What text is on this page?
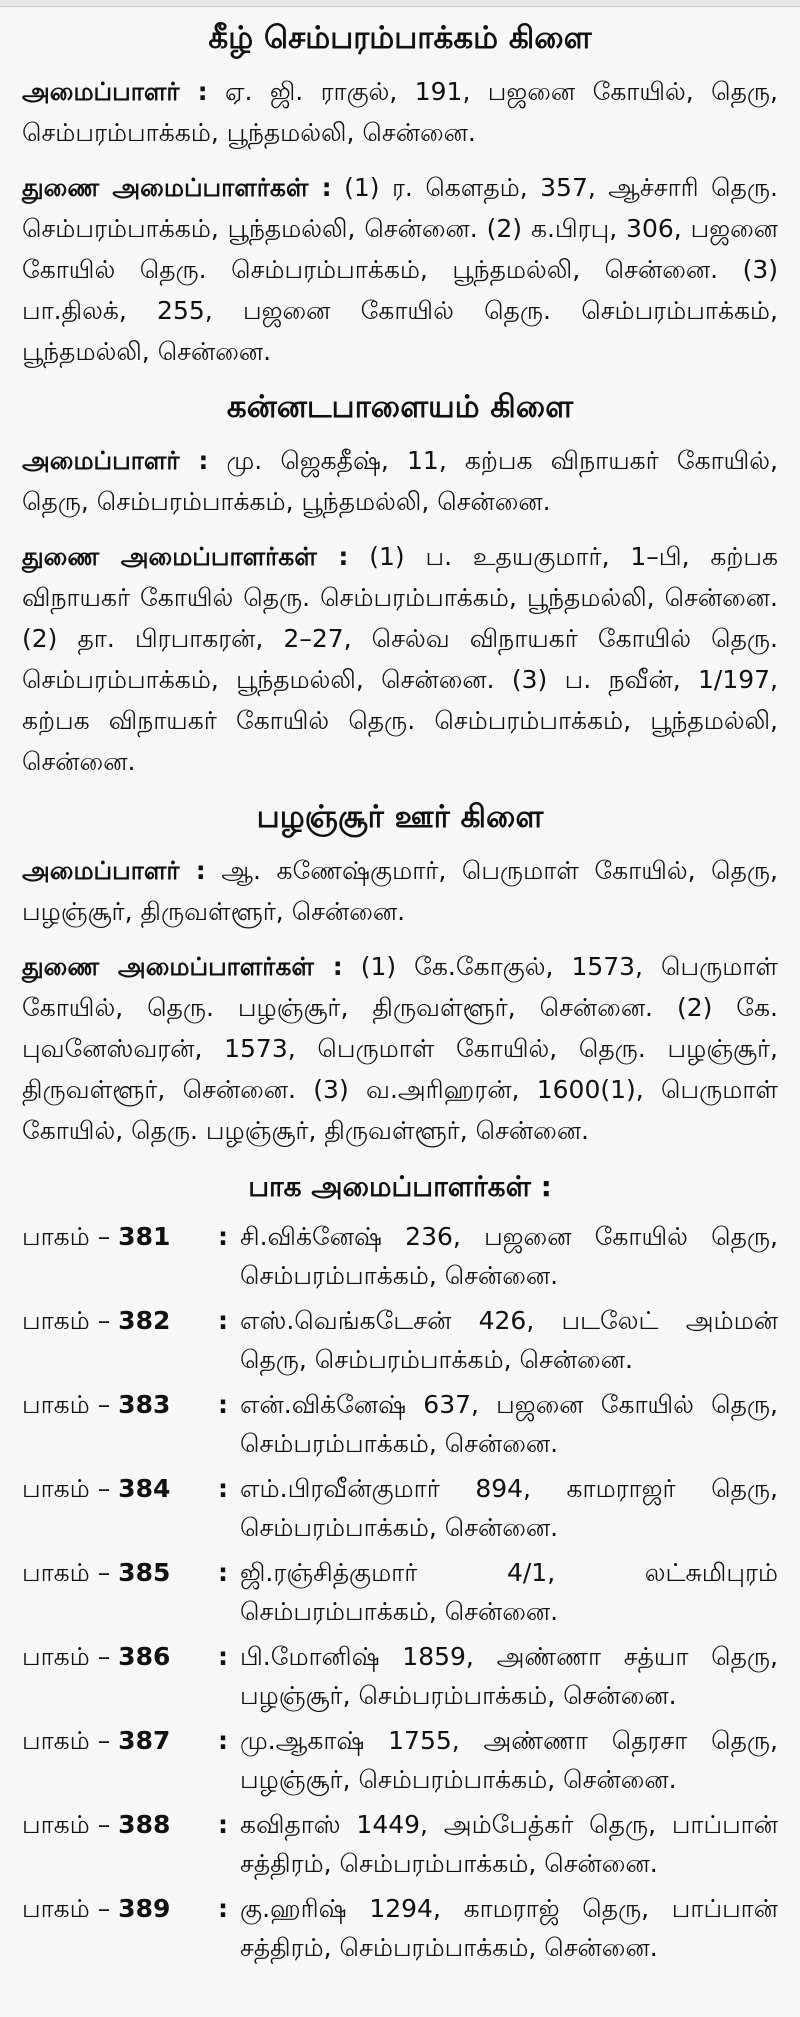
கீழ் செம்பரம்பாக்கம் கிளை

அமைப்பாளர் : ஏ. ஜி. ராகுல், 191, பஜனை கோயில், தெரு, செம்பரம்பாக்கம், பூந்தமல்லி, சென்னை.

துணை அமைப்பாளர்கள் : (1) ர. கௌதம், 357, ஆச்சாரி தெரு. செம்பரம்பாக்கம், பூந்தமல்லி, சென்னை. (2) க.பிரபு, 306, பஜனை கோயில் தெரு. செம்பரம்பாக்கம், பூந்தமல்லி, சென்னை. (3) பா.திலக், 255, பஜனை கோயில் தெரு. செம்பரம்பாக்கம், பூந்தமல்லி, சென்னை.

கன்னடபாளையம் கிளை

அமைப்பாளர் : மு. ஜெகதீஷ், 11, கற்பக விநாயகர் கோயில், தெரு, செம்பரம்பாக்கம், பூந்தமல்லி, சென்னை.

துணை அமைப்பாளர்கள் : (1) ப. உதயகுமார், 1–பி, கற்பக விநாயகர் கோயில் தெரு. செம்பரம்பாக்கம், பூந்தமல்லி, சென்னை. (2) தா. பிரபாகரன், 2–27, செல்வ விநாயகர் கோயில் தெரு. செம்பரம்பாக்கம், பூந்தமல்லி, சென்னை. (3) ப. நவீன், 1/197, கற்பக விநாயகர் கோயில் தெரு. செம்பரம்பாக்கம், பூந்தமல்லி, சென்னை.

பழஞ்சூர் ஊர் கிளை

அமைப்பாளர் : ஆ. கணேஷ்குமார், பெருமாள் கோயில், தெரு, பழஞ்சூர், திருவள்ளூர், சென்னை.

துணை அமைப்பாளர்கள் : (1) கே.கோகுல், 1573, பெருமாள் கோயில், தெரு. பழஞ்சூர், திருவள்ளூர், சென்னை. (2) கே. புவனேஸ்வரன், 1573, பெருமாள் கோயில், தெரு. பழஞ்சூர், திருவள்ளூர், சென்னை. (3) வ.அரிஹரன், 1600(1), பெருமாள் கோயில், தெரு. பழஞ்சூர், திருவள்ளூர், சென்னை.

பாக அமைப்பாளர்கள் :
பாகம் – 381	: சி.விக்னேஷ் 236, பஜனை கோயில் தெரு, செம்பரம்பாக்கம், சென்னை.
பாகம் – 382	: எஸ்.வெங்கடேசன் 426, படலேட் அம்மன் தெரு, செம்பரம்பாக்கம், சென்னை.
பாகம் – 383	: என்.விக்னேஷ் 637, பஜனை கோயில் தெரு, செம்பரம்பாக்கம், சென்னை.
பாகம் – 384	: எம்.பிரவீன்குமார் 894, காமராஜர் தெரு, செம்பரம்பாக்கம், சென்னை.
பாகம் – 385	: ஜி.ரஞ்சித்குமார் 4/1, லட்சுமிபுரம் செம்பரம்பாக்கம், சென்னை.
பாகம் – 386	: பி.மோனிஷ் 1859, அண்ணா சத்யா தெரு, பழஞ்சூர், செம்பரம்பாக்கம், சென்னை.
பாகம் – 387	: மு.ஆகாஷ் 1755, அண்ணா தெரசா தெரு, பழஞ்சூர், செம்பரம்பாக்கம், சென்னை.
பாகம் – 388	: கவிதாஸ் 1449, அம்பேத்கர் தெரு, பாப்பான் சத்திரம், செம்பரம்பாக்கம், சென்னை.
பாகம் – 389	: கு.ஹரிஷ் 1294, காமராஜ் தெரு, பாப்பான் சத்திரம், செம்பரம்பாக்கம், சென்னை.
